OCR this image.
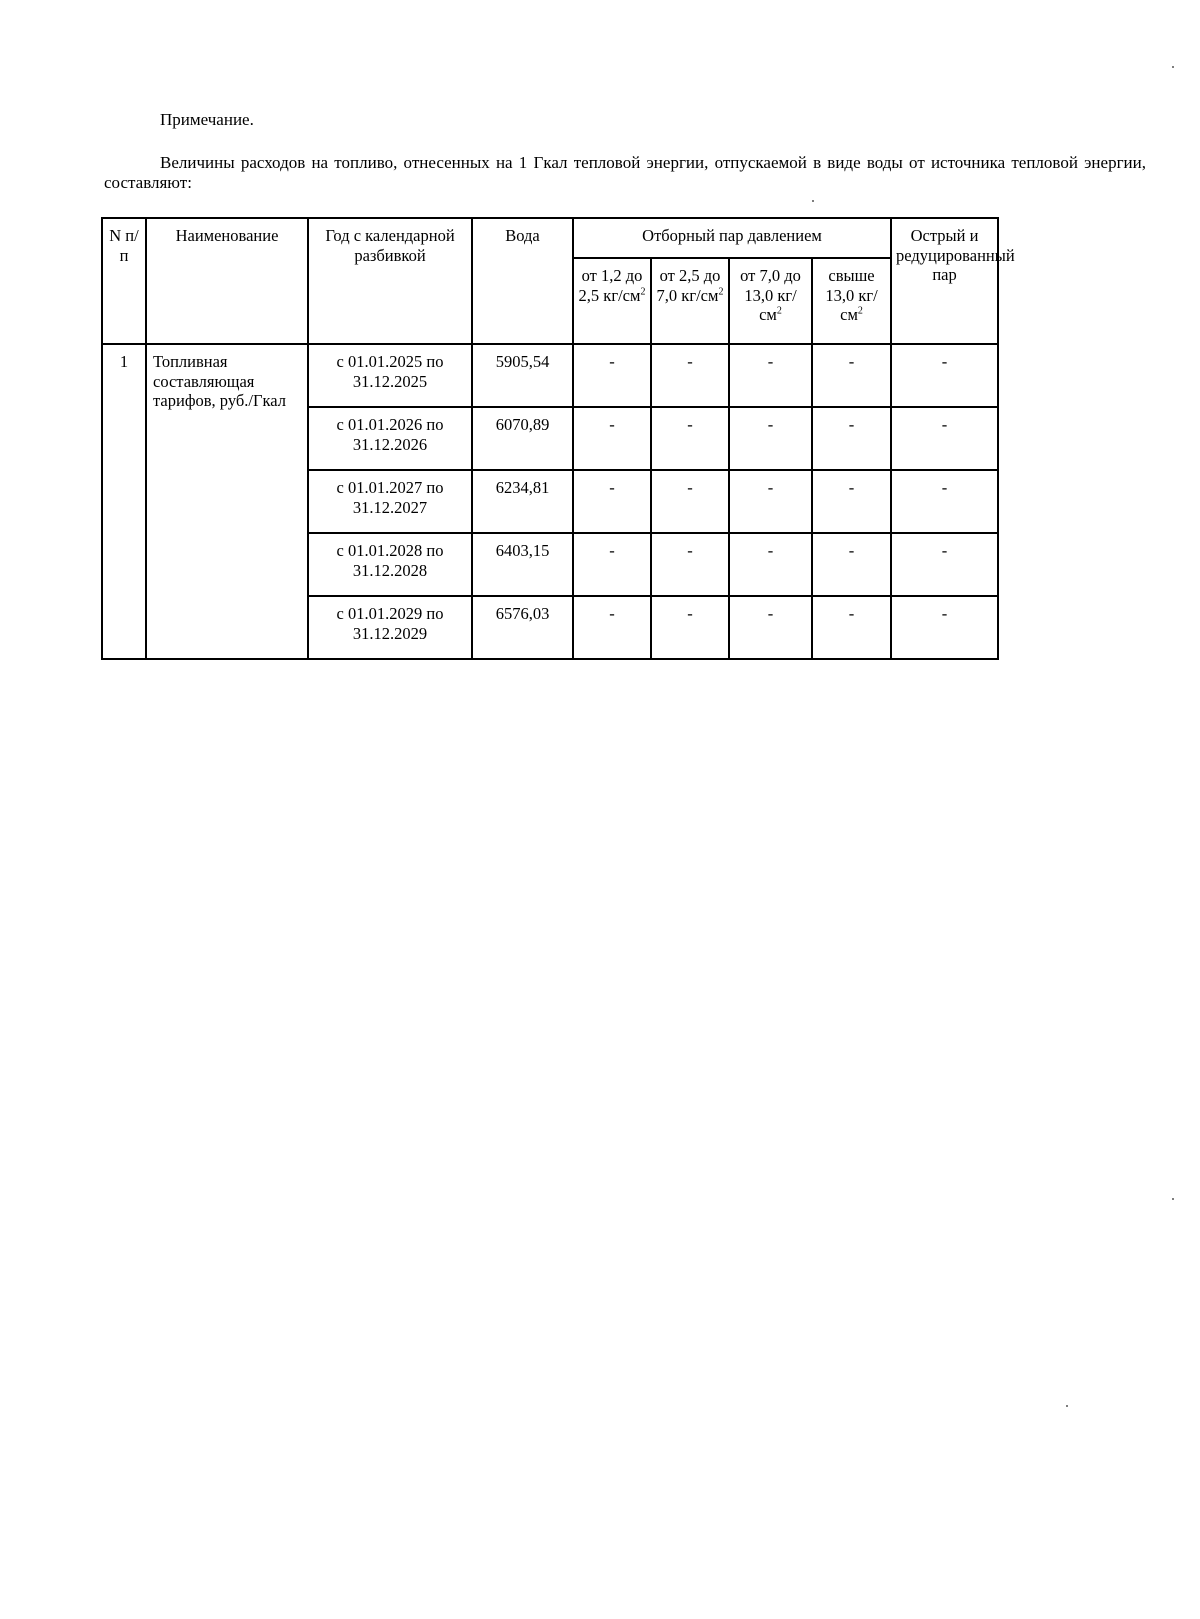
Примечание.

Величины расходов на топливо, отнесенных на 1 Гкал тепловой энергии, отпускаемой в виде воды от источника тепловой энергии, составляют:

N п/п	Наименование	Год с календарной разбивкой	Вода	Отборный пар давлением				Острый и редуцированный пар
				от 1,2 до 2,5 $кг/см^2$	от 2,5 до 7,0 $кг/см^2$	от 7,0 до 13,0 $кг/см^2$	свыше 13,0 $кг/см^2$
1	Топливная составляющая тарифов, руб./Гкал	с 01.01.2025 по 31.12.2025	5905,54	-	-	-	-	-
		с 01.01.2026 по 31.12.2026	6070,89	-	-	-	-	-
		с 01.01.2027 по 31.12.2027	6234,81	-	-	-	-	-
		с 01.01.2028 по 31.12.2028	6403,15	-	-	-	-	-
		с 01.01.2029 по 31.12.2029	6576,03	-	-	-	-	-
